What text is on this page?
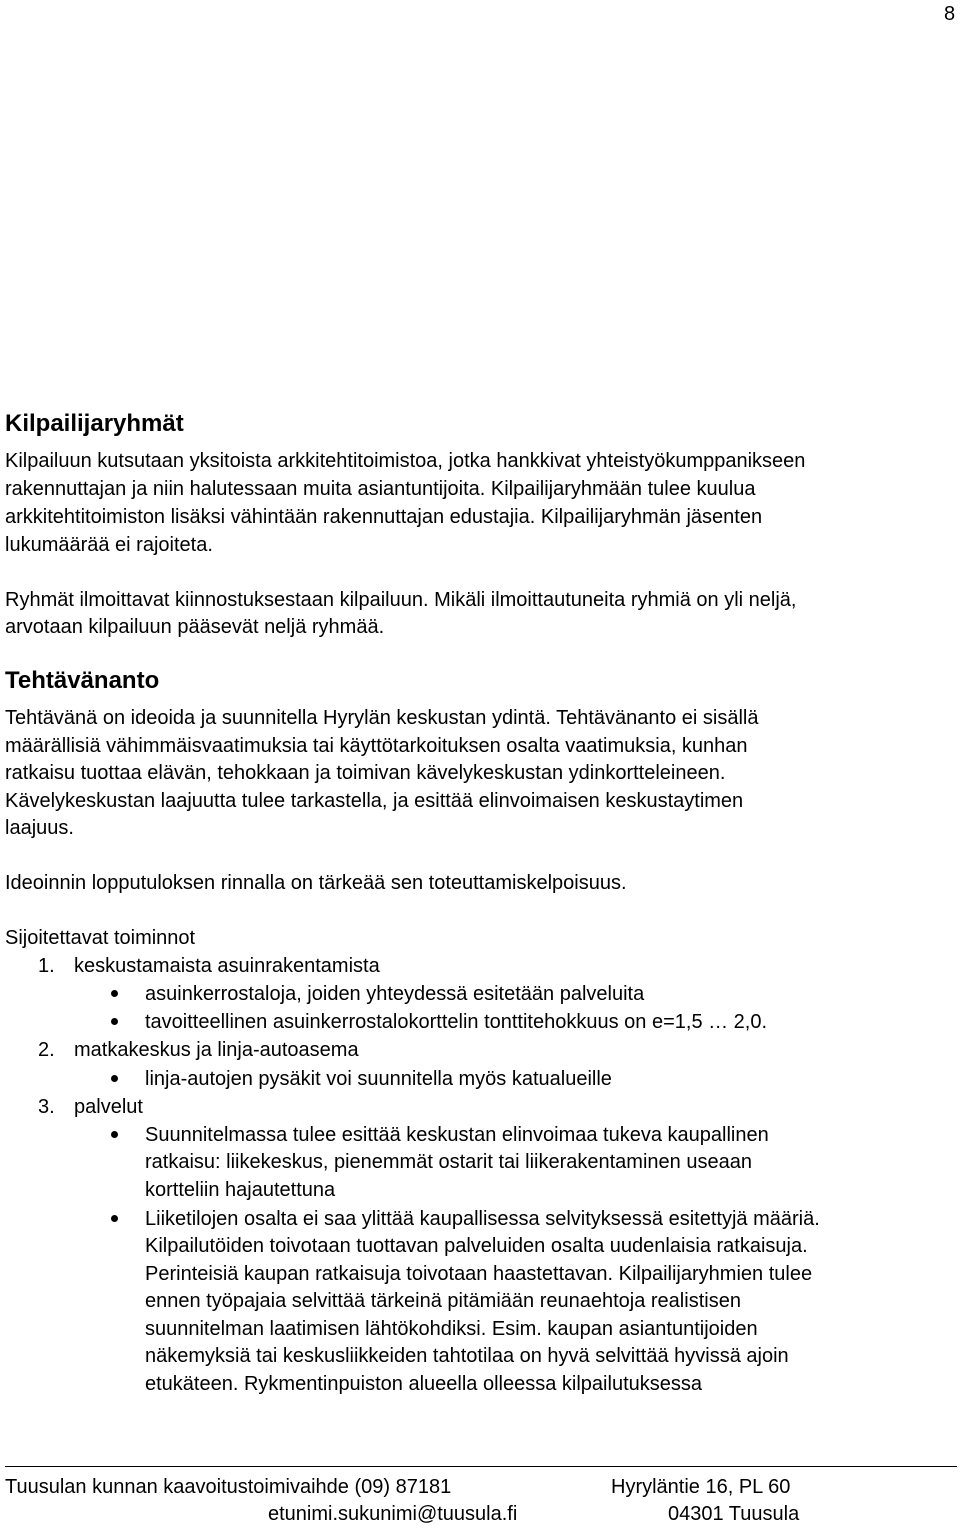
8
Kilpailijaryhmät
Kilpailuun kutsutaan yksitoista arkkitehtitoimistoa, jotka hankkivat yhteistyökumppanikseen
rakennuttajan ja niin halutessaan muita asiantuntijoita. Kilpailijaryhmään tulee kuulua
arkkitehtitoimiston lisäksi vähintään rakennuttajan edustajia. Kilpailijaryhmän jäsenten
lukumäärää ei rajoiteta.
Ryhmät ilmoittavat kiinnostuksestaan kilpailuun. Mikäli ilmoittautuneita ryhmiä on yli neljä,
arvotaan kilpailuun pääsevät neljä ryhmää.
Tehtävänanto
Tehtävänä on ideoida ja suunnitella Hyrylän keskustan ydintä. Tehtävänanto ei sisällä
määrällisiä vähimmäisvaatimuksia tai käyttötarkoituksen osalta vaatimuksia, kunhan
ratkaisu tuottaa elävän, tehokkaan ja toimivan kävelykeskustan ydinkortteleineen.
Kävelykeskustan laajuutta tulee tarkastella, ja esittää elinvoimaisen keskustaytimen
laajuus.
Ideoinnin lopputuloksen rinnalla on tärkeää sen toteuttamiskelpoisuus.
Sijoitettavat toiminnot
1. keskustamaista asuinrakentamista
asuinkerrostaloja, joiden yhteydessä esitetään palveluita
tavoitteellinen asuinkerrostalokorttelin tonttitehokkuus on e=1,5 … 2,0.
2. matkakeskus ja linja-autoasema
linja-autojen pysäkit voi suunnitella myös katualueille
3. palvelut
Suunnitelmassa tulee esittää keskustan elinvoimaa tukeva kaupallinen
ratkaisu: liikekeskus, pienemmät ostarit tai liikerakentaminen useaan
kortteliin hajautettuna
Liiketilojen osalta ei saa ylittää kaupallisessa selvityksessä esitettyjä määriä.
Kilpailutöiden toivotaan tuottavan palveluiden osalta uudenlaisia ratkaisuja.
Perinteisiä kaupan ratkaisuja toivotaan haastettavan. Kilpailijaryhmien tulee
ennen työpajaia selvittää tärkeinä pitämiään reunaehtoja realistisen
suunnitelman laatimisen lähtökohdiksi. Esim. kaupan asiantuntijoiden
näkemyksiä tai keskusliikkeiden tahtotilaa on hyvä selvittää hyvissä ajoin
etukäteen. Rykmentinpuiston alueella olleessa kilpailutuksessa
Tuusulan kunnan kaavoitustoimivaihde (09) 87181
etunimi.sukunimi@tuusula.fi
Hyryläntie 16, PL 60
04301 Tuusula
